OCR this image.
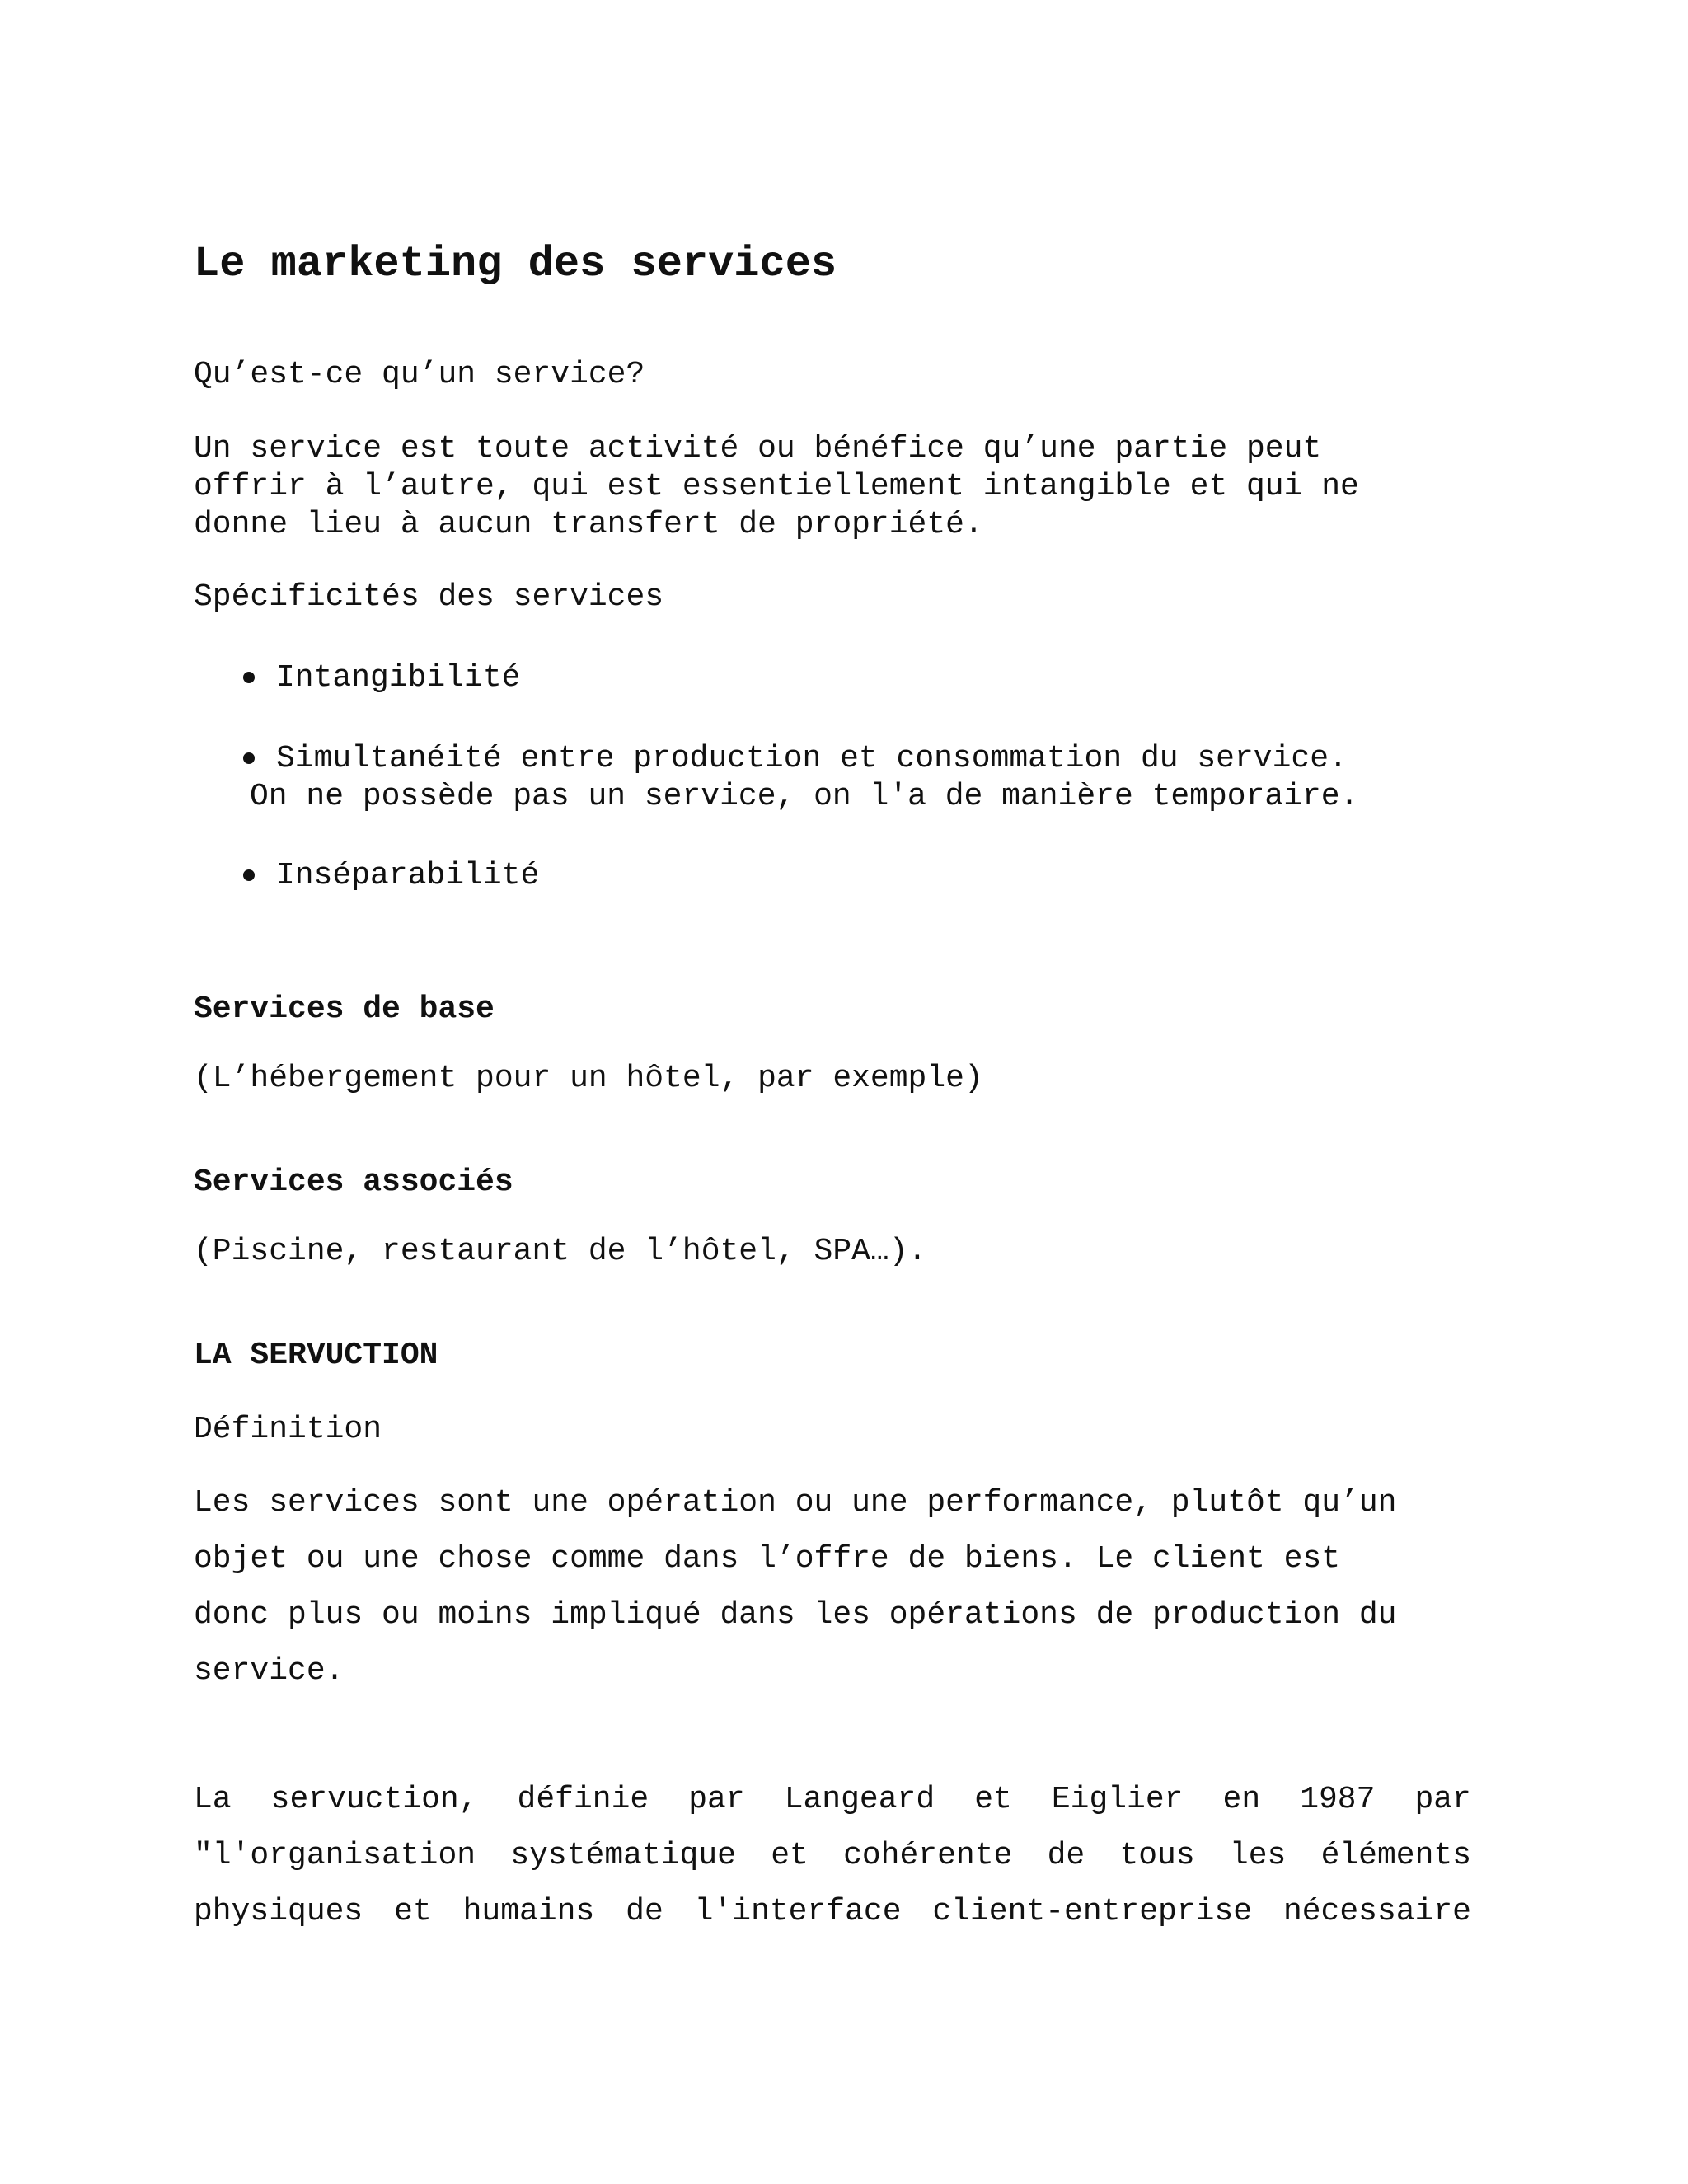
Le marketing des services

Qu’est-ce qu’un service?

Un service est toute activité ou bénéfice qu’une partie peut
offrir à l’autre, qui est essentiellement intangible et qui ne
donne lieu à aucun transfert de propriété.

Spécificités des services

Intangibilité
Simultanéité entre production et consommation du service.
On ne possède pas un service, on l'a de manière temporaire.
Inséparabilité

Services de base

(L’hébergement pour un hôtel, par exemple)

Services associés

(Piscine, restaurant de l’hôtel, SPA…).

LA SERVUCTION

Définition

Les services sont une opération ou une performance, plutôt qu’un
objet ou une chose comme dans l’offre de biens. Le client est
donc plus ou moins impliqué dans les opérations de production du
service.
La servuction, définie par Langeard et Eiglier en 1987 par
"l'organisation systématique et cohérente de tous les éléments
physiques et humains de l'interface client-entreprise nécessaire
